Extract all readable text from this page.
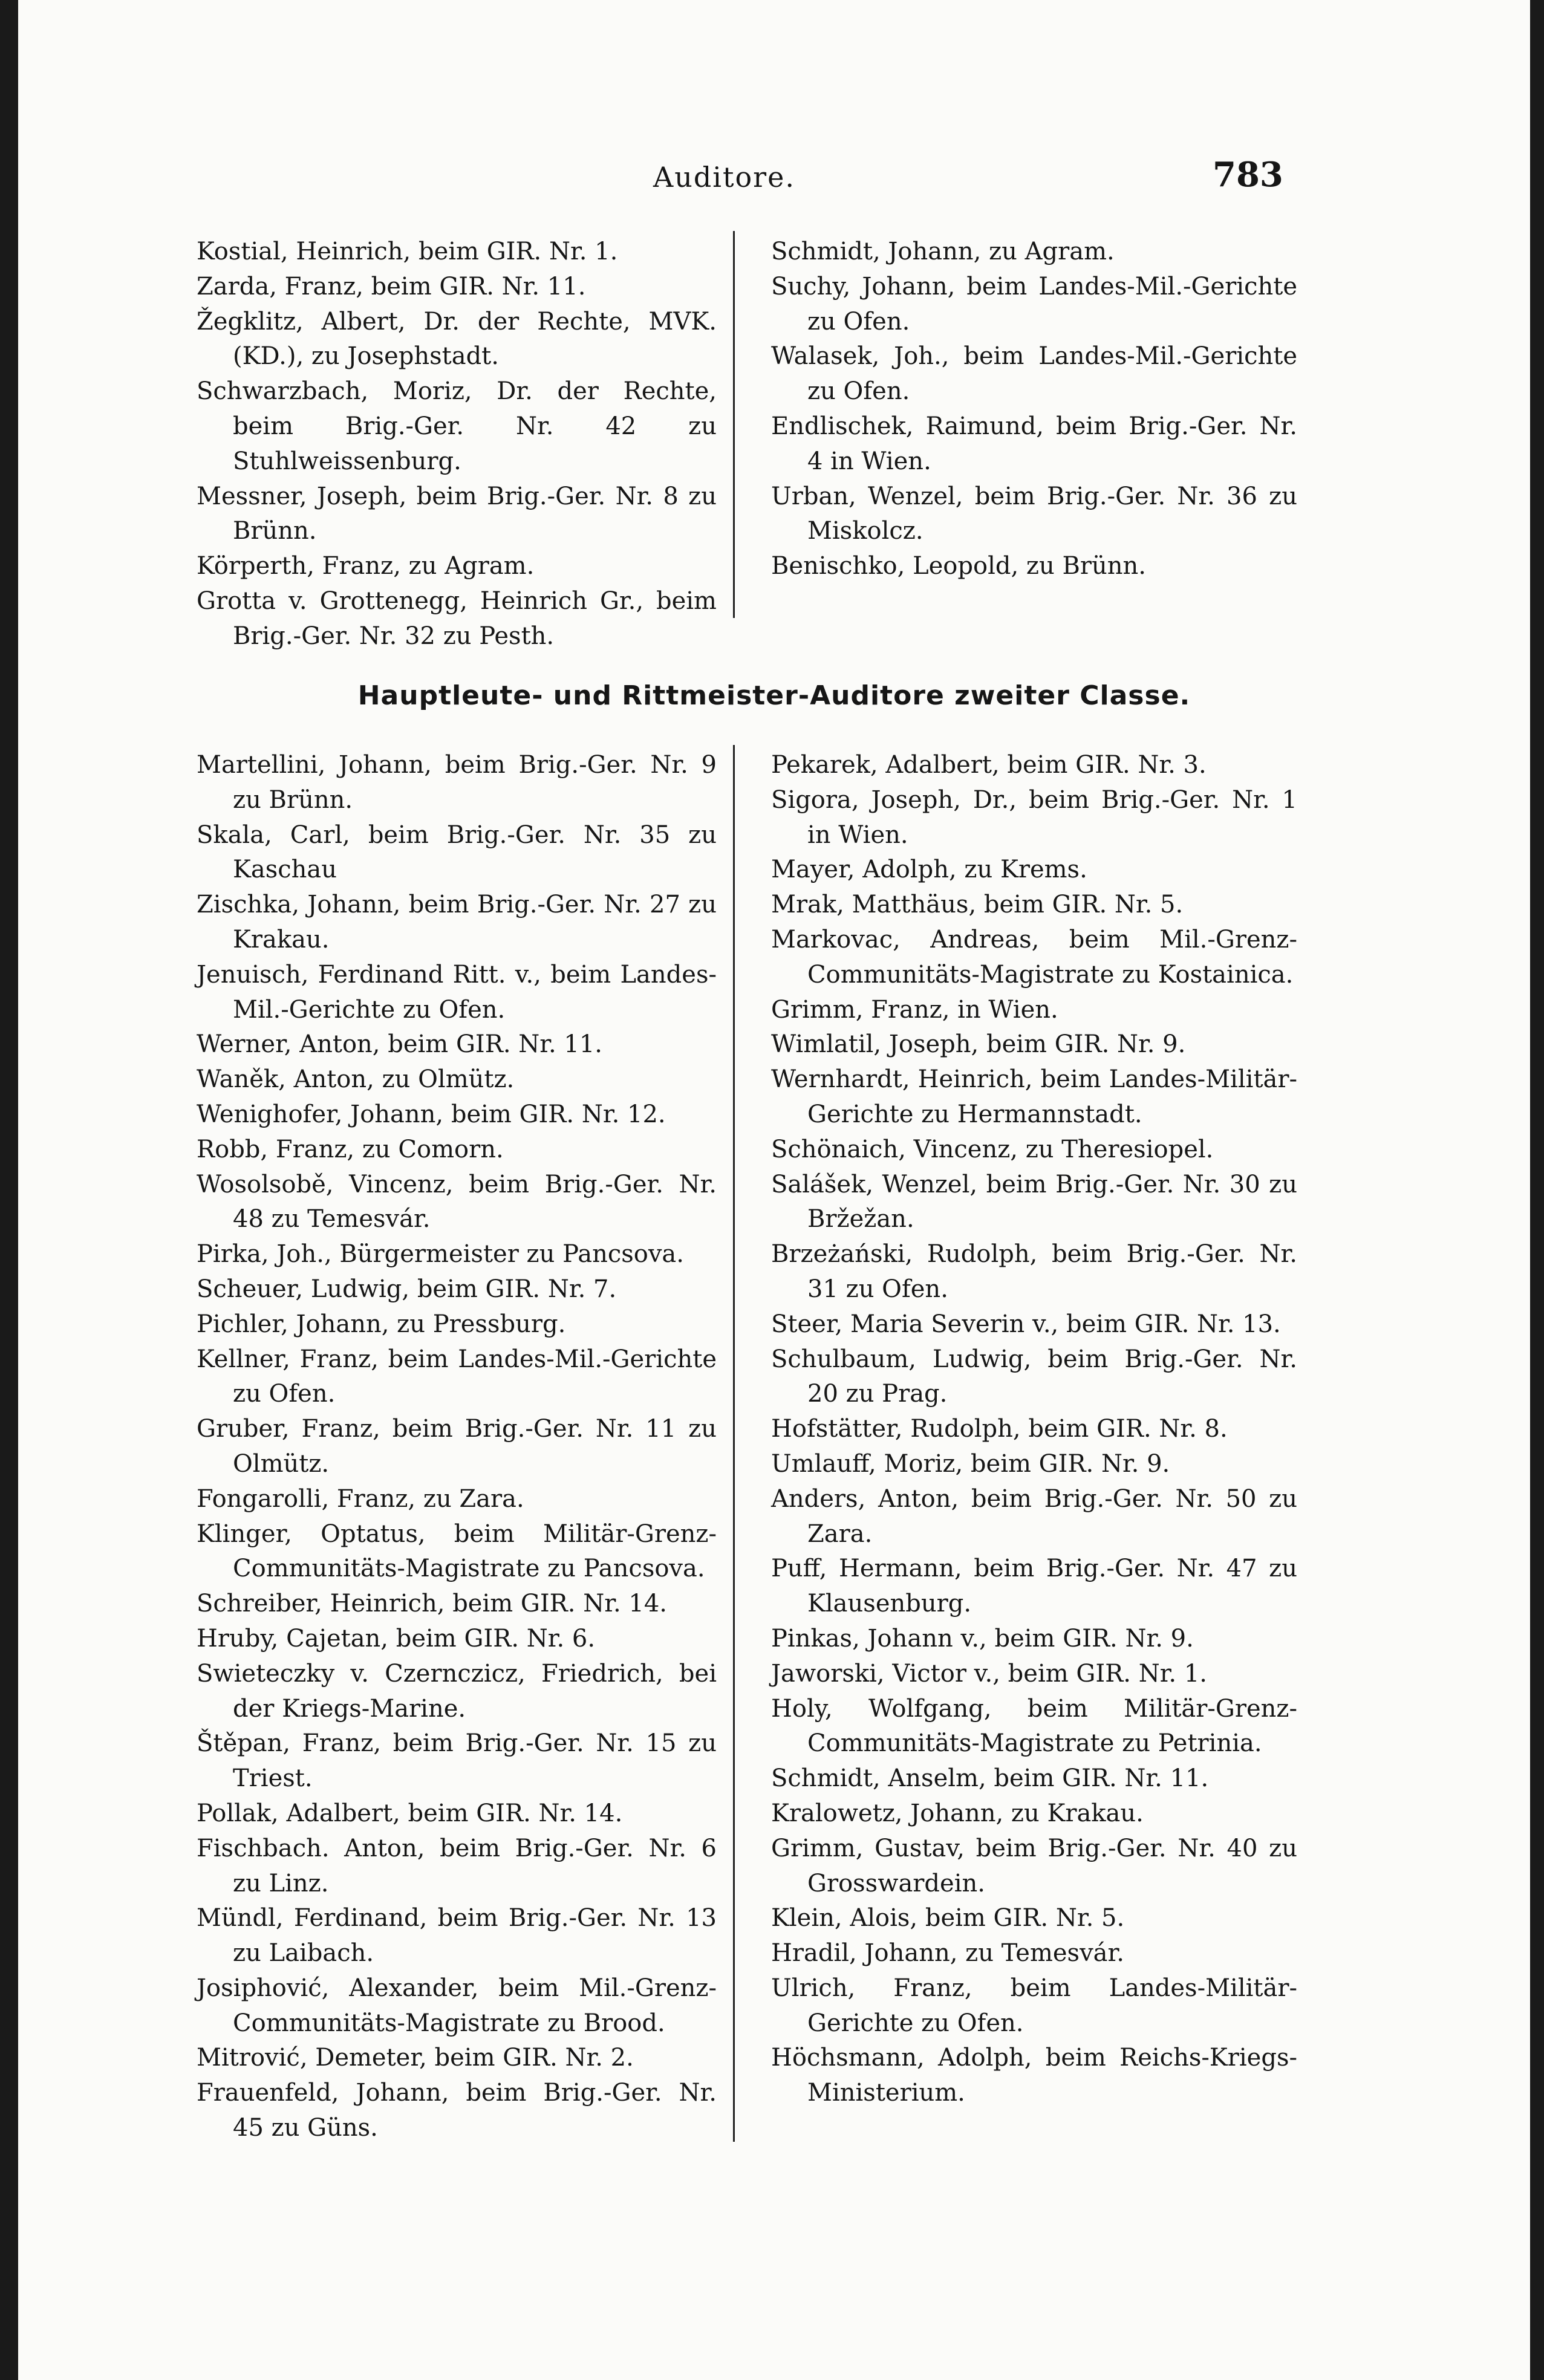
Auditore.	783
Kostial, Heinrich, beim GIR. Nr. 1.
Zarda, Franz, beim GIR. Nr. 11.
Žegklitz, Albert, Dr. der Rechte, MVK. (KD.), zu Josephstadt.
Schwarzbach, Moriz, Dr. der Rechte, beim Brig.-Ger. Nr. 42 zu Stuhlweissenburg.
Messner, Joseph, beim Brig.-Ger. Nr. 8 zu Brünn.
Körperth, Franz, zu Agram.
Grotta v. Grottenegg, Heinrich Gr., beim Brig.-Ger. Nr. 32 zu Pesth.
Schmidt, Johann, zu Agram.
Suchy, Johann, beim Landes-Mil.-Gerichte zu Ofen.
Walasek, Joh., beim Landes-Mil.-Gerichte zu Ofen.
Endlischek, Raimund, beim Brig.-Ger. Nr. 4 in Wien.
Urban, Wenzel, beim Brig.-Ger. Nr. 36 zu Miskolcz.
Benischko, Leopold, zu Brünn.
Hauptleute- und Rittmeister-Auditore zweiter Classe.
Martellini, Johann, beim Brig.-Ger. Nr. 9 zu Brünn.
Skala, Carl, beim Brig.-Ger. Nr. 35 zu Kaschau
Zischka, Johann, beim Brig.-Ger. Nr. 27 zu Krakau.
Jenuisch, Ferdinand Ritt. v., beim Landes-Mil.-Gerichte zu Ofen.
Werner, Anton, beim GIR. Nr. 11.
Waněk, Anton, zu Olmütz.
Wenighofer, Johann, beim GIR. Nr. 12.
Robb, Franz, zu Comorn.
Wosolsobě, Vincenz, beim Brig.-Ger. Nr. 48 zu Temesvár.
Pirka, Joh., Bürgermeister zu Pancsova.
Scheuer, Ludwig, beim GIR. Nr. 7.
Pichler, Johann, zu Pressburg.
Kellner, Franz, beim Landes-Mil.-Gerichte zu Ofen.
Gruber, Franz, beim Brig.-Ger. Nr. 11 zu Olmütz.
Fongarolli, Franz, zu Zara.
Klinger, Optatus, beim Militär-Grenz-Communitäts-Magistrate zu Pancsova.
Schreiber, Heinrich, beim GIR. Nr. 14.
Hruby, Cajetan, beim GIR. Nr. 6.
Swieteczky v. Czernczicz, Friedrich, bei der Kriegs-Marine.
Štěpan, Franz, beim Brig.-Ger. Nr. 15 zu Triest.
Pollak, Adalbert, beim GIR. Nr. 14.
Fischbach. Anton, beim Brig.-Ger. Nr. 6 zu Linz.
Mündl, Ferdinand, beim Brig.-Ger. Nr. 13 zu Laibach.
Josiphović, Alexander, beim Mil.-Grenz-Communitäts-Magistrate zu Brood.
Mitrović, Demeter, beim GIR. Nr. 2.
Frauenfeld, Johann, beim Brig.-Ger. Nr. 45 zu Güns.
Pekarek, Adalbert, beim GIR. Nr. 3.
Sigora, Joseph, Dr., beim Brig.-Ger. Nr. 1 in Wien.
Mayer, Adolph, zu Krems.
Mrak, Matthäus, beim GIR. Nr. 5.
Markovac, Andreas, beim Mil.-Grenz-Communitäts-Magistrate zu Kostainica.
Grimm, Franz, in Wien.
Wimlatil, Joseph, beim GIR. Nr. 9.
Wernhardt, Heinrich, beim Landes-Militär-Gerichte zu Hermannstadt.
Schönaich, Vincenz, zu Theresiopel.
Salášek, Wenzel, beim Brig.-Ger. Nr. 30 zu Bržežan.
Brzeżański, Rudolph, beim Brig.-Ger. Nr. 31 zu Ofen.
Steer, Maria Severin v., beim GIR. Nr. 13.
Schulbaum, Ludwig, beim Brig.-Ger. Nr. 20 zu Prag.
Hofstätter, Rudolph, beim GIR. Nr. 8.
Umlauff, Moriz, beim GIR. Nr. 9.
Anders, Anton, beim Brig.-Ger. Nr. 50 zu Zara.
Puff, Hermann, beim Brig.-Ger. Nr. 47 zu Klausenburg.
Pinkas, Johann v., beim GIR. Nr. 9.
Jaworski, Victor v., beim GIR. Nr. 1.
Holy, Wolfgang, beim Militär-Grenz-Communitäts-Magistrate zu Petrinia.
Schmidt, Anselm, beim GIR. Nr. 11.
Kralowetz, Johann, zu Krakau.
Grimm, Gustav, beim Brig.-Ger. Nr. 40 zu Grosswardein.
Klein, Alois, beim GIR. Nr. 5.
Hradil, Johann, zu Temesvár.
Ulrich, Franz, beim Landes-Militär-Gerichte zu Ofen.
Höchsmann, Adolph, beim Reichs-Kriegs-Ministerium.
